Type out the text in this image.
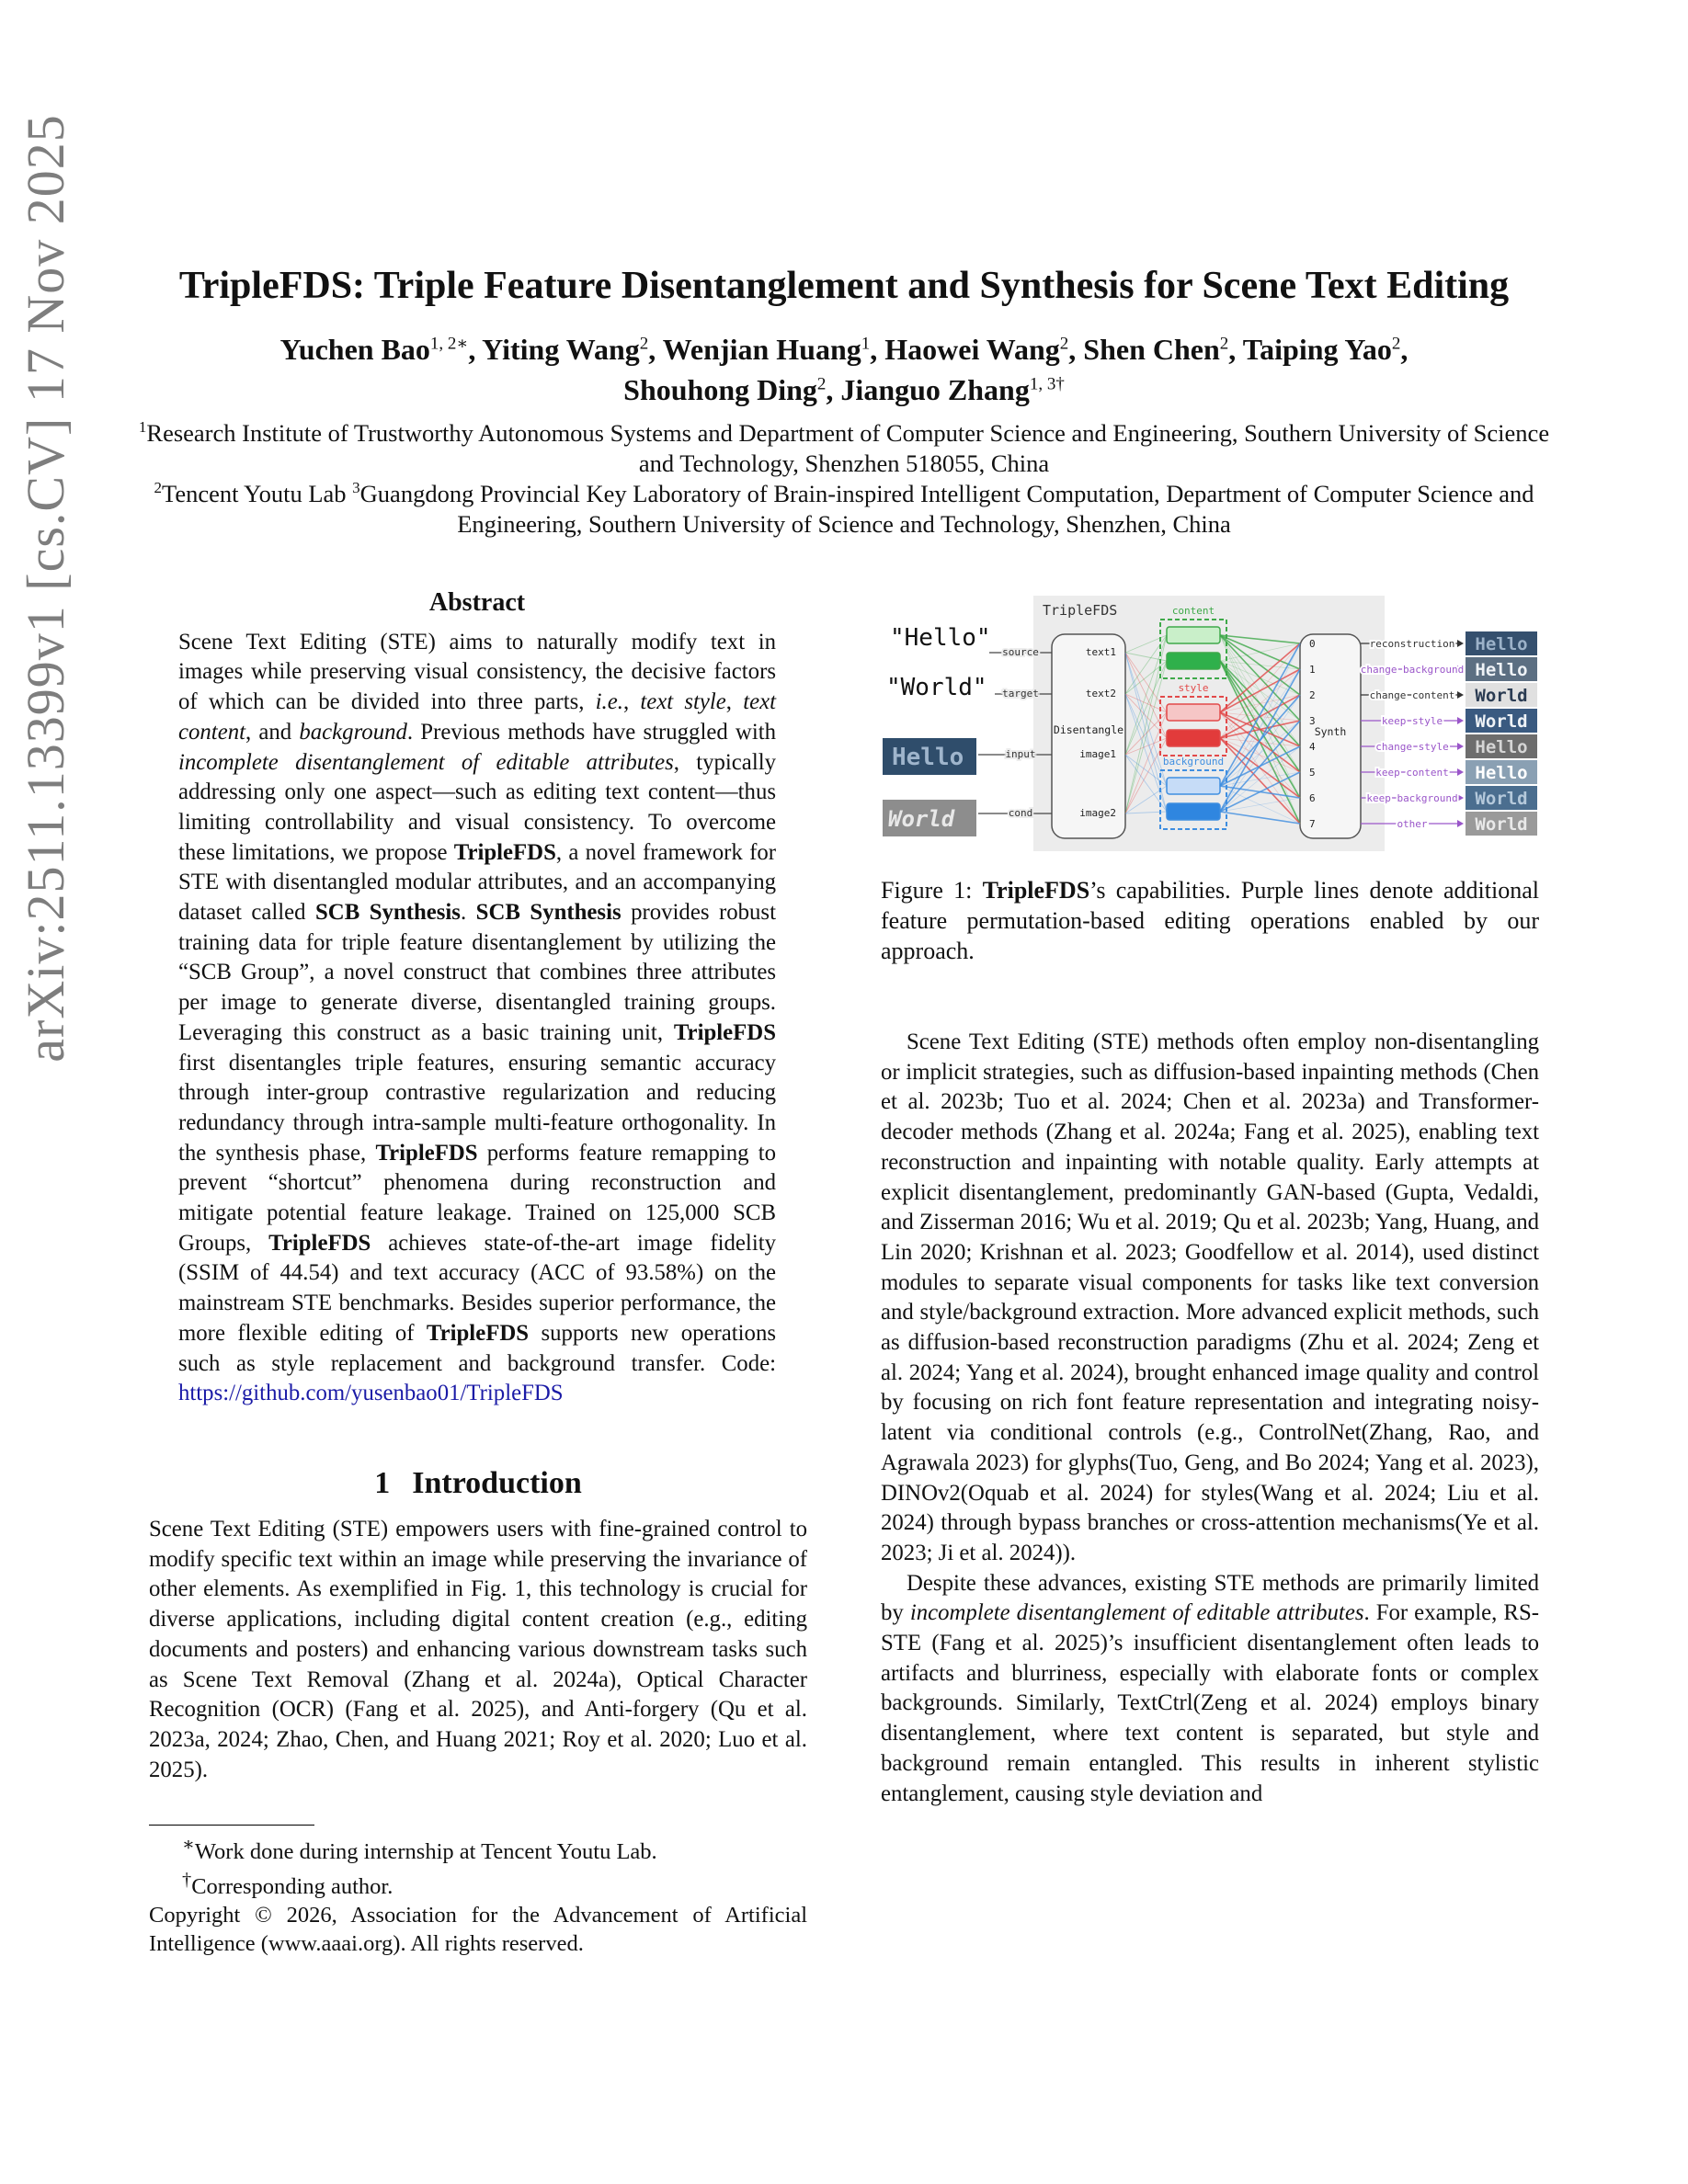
arXiv:2511.13399v1 [cs.CV] 17 Nov 2025	TripleFDS: Triple Feature Disentanglement and Synthesis for Scene Text Editing
Yuchen Bao$^{1, 2∗}$, Yiting Wang$^2$, Wenjian Huang$^1$, Haowei Wang$^2$, Shen Chen$^2$, Taiping Yao$^2$,
Shouhong Ding$^2$, Jianguo Zhang$^{1, 3\dagger}$
$^1$Research Institute of Trustworthy Autonomous Systems and Department of Computer Science and Engineering, Southern University of Science and Technology, Shenzhen 518055, China
$^2$Tencent Youtu Lab $^3$Guangdong Provincial Key Laboratory of Brain-inspired Intelligent Computation, Department of Computer Science and Engineering, Southern University of Science and Technology, Shenzhen, China
Abstract

Scene Text Editing (STE) aims to naturally modify text in images while preserving visual consistency, the decisive factors of which can be divided into three parts, i.e., text style, text content, and background. Previous methods have struggled with incomplete disentanglement of editable attributes, typically addressing only one aspect—such as editing text content—thus limiting controllability and visual consistency. To overcome these limitations, we propose TripleFDS, a novel framework for STE with disentangled modular attributes, and an accompanying dataset called SCB Synthesis. SCB Synthesis provides robust training data for triple feature disentanglement by utilizing the “SCB Group”, a novel construct that combines three attributes per image to generate diverse, disentangled training groups. Leveraging this construct as a basic training unit, TripleFDS first disentangles triple features, ensuring semantic accuracy through inter-group contrastive regularization and reducing redundancy through intra-sample multi-feature orthogonality. In the synthesis phase, TripleFDS performs feature remapping to prevent “shortcut” phenomena during reconstruction and mitigate potential feature leakage. Trained on 125,000 SCB Groups, TripleFDS achieves state-of-the-art image fidelity (SSIM of 44.54) and text accuracy (ACC of 93.58%) on the mainstream STE benchmarks. Besides superior performance, the more flexible editing of TripleFDS supports new operations such as style replacement and background transfer. Code: https://github.com/yusenbao01/TripleFDS

1 Introduction
Scene Text Editing (STE) empowers users with fine-grained control to modify specific text within an image while preserving the invariance of other elements. As exemplified in Fig. 1, this technology is crucial for diverse applications, including digital content creation (e.g., editing documents and posters) and enhancing various downstream tasks such as Scene Text Removal (Zhang et al. 2024a), Optical Character Recognition (OCR) (Fang et al. 2025), and Anti-forgery (Qu et al. 2023a, 2024; Zhao, Chen, and Huang 2021; Roy et al. 2020; Luo et al. 2025).
∗Work done during internship at Tencent Youtu Lab.
†Corresponding author.
Copyright © 2026, Association for the Advancement of Artificial Intelligence (www.aaai.org). All rights reserved.
TripleFDS
Disentangle	Synth
"Hello"
"World"
Hello
World
source
target
input
cond
text1
text2
image1
image2
content
style
background
0
1
2
3
4
5
6
7
reconstruction
change background
change content
keep style
change style
keep content
keep background
other
Hello
Hello
World
World
Hello
Hello
World
World
Figure 1: TripleFDS’s capabilities. Purple lines denote additional feature permutation-based editing operations enabled by our approach.

Scene Text Editing (STE) methods often employ non-disentangling or implicit strategies, such as diffusion-based inpainting methods (Chen et al. 2023b; Tuo et al. 2024; Chen et al. 2023a) and Transformer-decoder methods (Zhang et al. 2024a; Fang et al. 2025), enabling text reconstruction and inpainting with notable quality. Early attempts at explicit disentanglement, predominantly GAN-based (Gupta, Vedaldi, and Zisserman 2016; Wu et al. 2019; Qu et al. 2023b; Yang, Huang, and Lin 2020; Krishnan et al. 2023; Goodfellow et al. 2014), used distinct modules to separate visual components for tasks like text conversion and style/background extraction. More advanced explicit methods, such as diffusion-based reconstruction paradigms (Zhu et al. 2024; Zeng et al. 2024; Yang et al. 2024), brought enhanced image quality and control by focusing on rich font feature representation and integrating noisy-latent via conditional controls (e.g., ControlNet(Zhang, Rao, and Agrawala 2023) for glyphs(Tuo, Geng, and Bo 2024; Yang et al. 2023), DINOv2(Oquab et al. 2024) for styles(Wang et al. 2024; Liu et al. 2024) through bypass branches or cross-attention mechanisms(Ye et al. 2023; Ji et al. 2024)).

Despite these advances, existing STE methods are primarily limited by incomplete disentanglement of editable attributes. For example, RS-STE (Fang et al. 2025)’s insufficient disentanglement often leads to artifacts and blurriness, especially with elaborate fonts or complex backgrounds. Similarly, TextCtrl(Zeng et al. 2024) employs binary disentanglement, where text content is separated, but style and background remain entangled. This results in inherent stylistic entanglement, causing style deviation and
